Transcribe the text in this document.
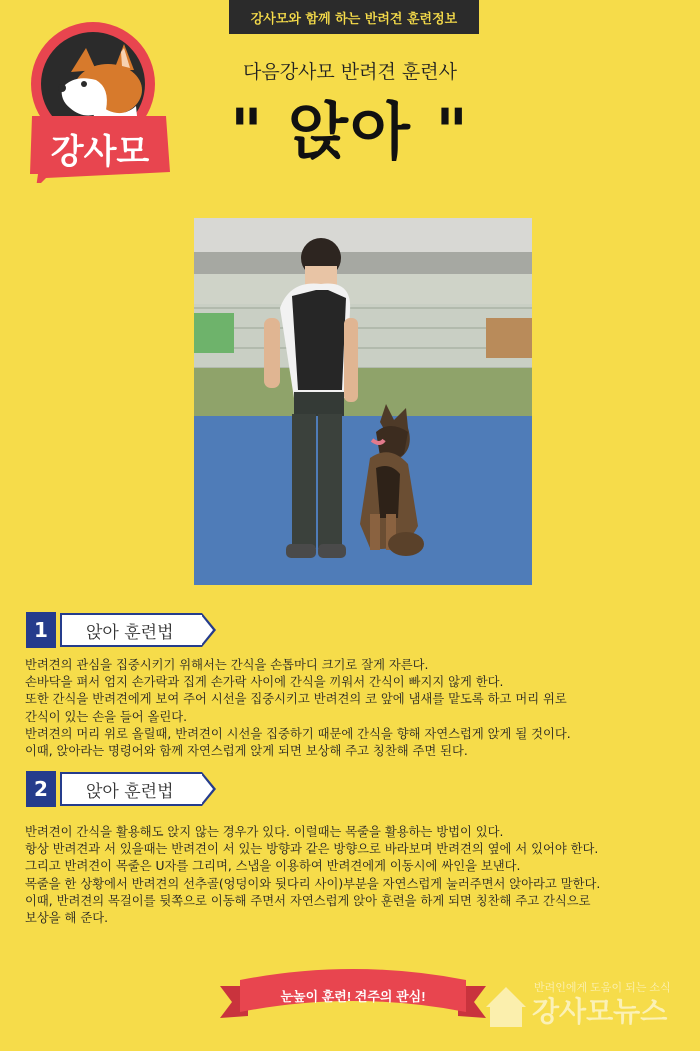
강사모와 함께 하는 반려견 훈련정보
강사모
다음강사모 반려견 훈련사
" 앉아 "
1	앉아 훈련법
반려견의 관심을 집중시키기 위해서는 간식을 손톱마디 크기로 잘게 자른다.
손바닥을 펴서 엄지 손가락과 집게 손가락 사이에 간식을 끼워서 간식이 빠지지 않게 한다.
또한 간식을 반려견에게 보여 주어 시선을 집중시키고 반려견의 코 앞에 냄새를 맡도록 하고 머리 위로
간식이 있는 손을 들어 올린다.
반려견의 머리 위로 올릴때, 반려견이 시선을 집중하기 때문에 간식을 향해 자연스럽게 앉게 될 것이다.
이때, 앉아라는 명령어와 함께 자연스럽게 앉게 되면 보상해 주고 칭찬해 주면 된다.
2	앉아 훈련법
반려견이 간식을 활용해도 앉지 않는 경우가 있다. 이럴때는 목줄을 활용하는 방법이 있다.
항상 반려견과 서 있을때는 반려견이 서 있는 방향과 같은 방향으로 바라보며 반려견의 옆에 서 있어야 한다.
그리고 반려견이 목줄은 U자를 그리며, 스냅을 이용하여 반려견에게 이동시에 싸인을 보낸다.
목줄을 한 상황에서 반려견의 선추골(엉덩이와 뒷다리 사이)부분을 자연스럽게 눌러주면서 앉아라고 말한다.
이때, 반려견의 목걸이를 뒷쪽으로 이동해 주면서 자연스럽게 앉아 훈련을 하게 되면 칭찬해 주고 간식으로
보상을 해 준다.
눈높이 훈련! 견주의 관심!
반려인에게 도움이 되는 소식
강사모뉴스
